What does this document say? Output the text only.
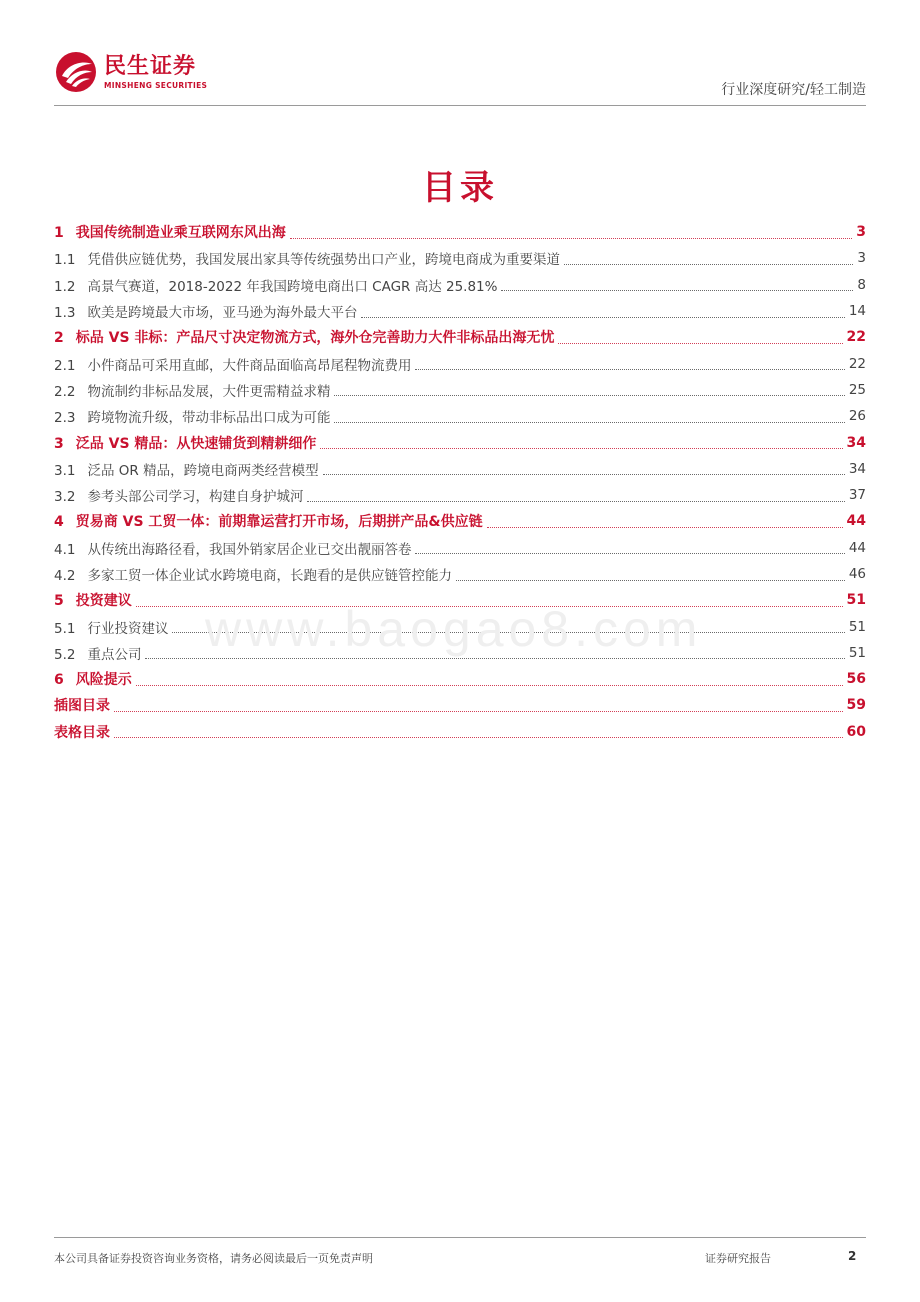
民生证券
MINSHENG SECURITIES	行业深度研究/轻工制造
目录
1 我国传统制造业乘互联网东风出海	3
1.1 凭借供应链优势，我国发展出家具等传统强势出口产业，跨境电商成为重要渠道	3
1.2 高景气赛道，2018-2022 年我国跨境电商出口 CAGR 高达 25.81%	8
1.3 欧美是跨境最大市场，亚马逊为海外最大平台	14
2 标品 VS 非标：产品尺寸决定物流方式，海外仓完善助力大件非标品出海无忧	22
2.1 小件商品可采用直邮，大件商品面临高昂尾程物流费用	22
2.2 物流制约非标品发展，大件更需精益求精	25
2.3 跨境物流升级，带动非标品出口成为可能	26
3 泛品 VS 精品：从快速铺货到精耕细作	34
3.1 泛品 OR 精品，跨境电商两类经营模型	34
3.2 参考头部公司学习，构建自身护城河	37
4 贸易商 VS 工贸一体：前期靠运营打开市场，后期拼产品&供应链	44
4.1 从传统出海路径看，我国外销家居企业已交出靓丽答卷	44
4.2 多家工贸一体企业试水跨境电商，长跑看的是供应链管控能力	46
5 投资建议	51
5.1 行业投资建议	51
5.2 重点公司	51
6 风险提示	56
插图目录	59
表格目录	60
www.baogao8.com
本公司具备证券投资咨询业务资格，请务必阅读最后一页免责声明	证券研究报告	2
